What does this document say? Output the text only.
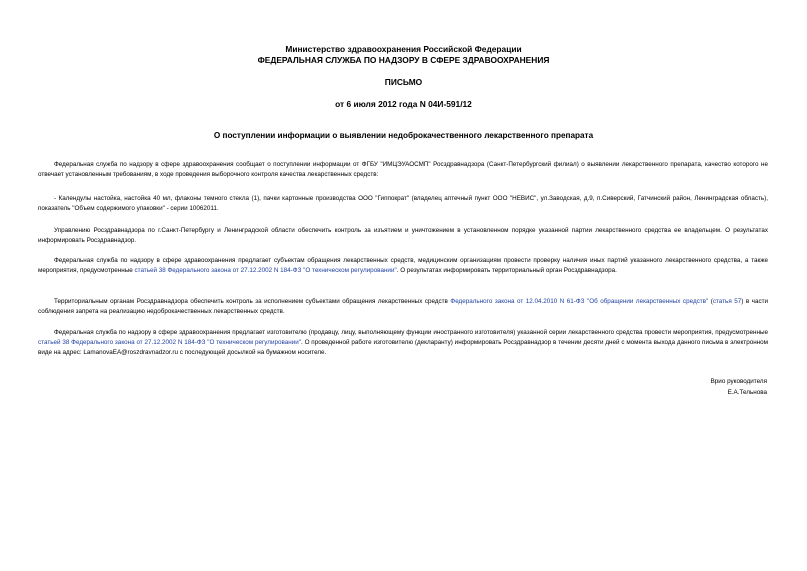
Министерство здравоохранения Российской Федерации
ФЕДЕРАЛЬНАЯ СЛУЖБА ПО НАДЗОРУ В СФЕРЕ ЗДРАВООХРАНЕНИЯ
ПИСЬМО
от 6 июля 2012 года N 04И-591/12
О поступлении информации о выявлении недоброкачественного лекарственного препарата

Федеральная служба по надзору в сфере здравоохранения сообщает о поступлении информации от ФГБУ "ИМЦЭУАОСМП" Росздравнадзора (Санкт-Петербургский филиал) о выявлении лекарственного препарата, качество которого не отвечает установленным требованиям, в ходе проведения выборочного контроля качества лекарственных средств:

- Календулы настойка, настойка 40 мл, флаконы темного стекла (1), пачки картонные производства ООО "Гиппократ" (владелец аптечный пункт ООО "НЕВИС", ул.Заводская, д.9, п.Сиверский, Гатчинский район, Ленинградская область), показатель "Объем содержимого упаковки" - серии 10062011.

Управлению Росздравнадзора по г.Санкт-Петербургу и Ленинградской области обеспечить контроль за изъятием и уничтожением в установленном порядке указанной партии лекарственного средства ее владельцем. О результатах информировать Росздравнадзор.

Федеральная служба по надзору в сфере здравоохранения предлагает субъектам обращения лекарственных средств, медицинским организациям провести проверку наличия иных партий указанного лекарственного средства, а также мероприятия, предусмотренные статьей 38 Федерального закона от 27.12.2002 N 184-ФЗ "О техническом регулировании". О результатах информировать территориальный орган Росздравнадзора.

Территориальным органам Росздравнадзора обеспечить контроль за исполнением субъектами обращения лекарственных средств Федерального закона от 12.04.2010 N 61-ФЗ "Об обращении лекарственных средств" (статья 57) в части соблюдения запрета на реализацию недоброкачественных лекарственных средств.

Федеральная служба по надзору в сфере здравоохранения предлагает изготовителю (продавцу, лицу, выполняющему функции иностранного изготовителя) указанной серии лекарственного средства провести мероприятия, предусмотренные статьей 38 Федерального закона от 27.12.2002 N 184-ФЗ "О техническом регулировании". О проведенной работе изготовителю (декларанту) информировать Росздравнадзор в течении десяти дней с момента выхода данного письма в электронном виде на адрес: LamanovaEA@roszdravnadzor.ru с последующей досылкой на бумажном носителе.

Врио руководителя
Е.А.Тельнова
